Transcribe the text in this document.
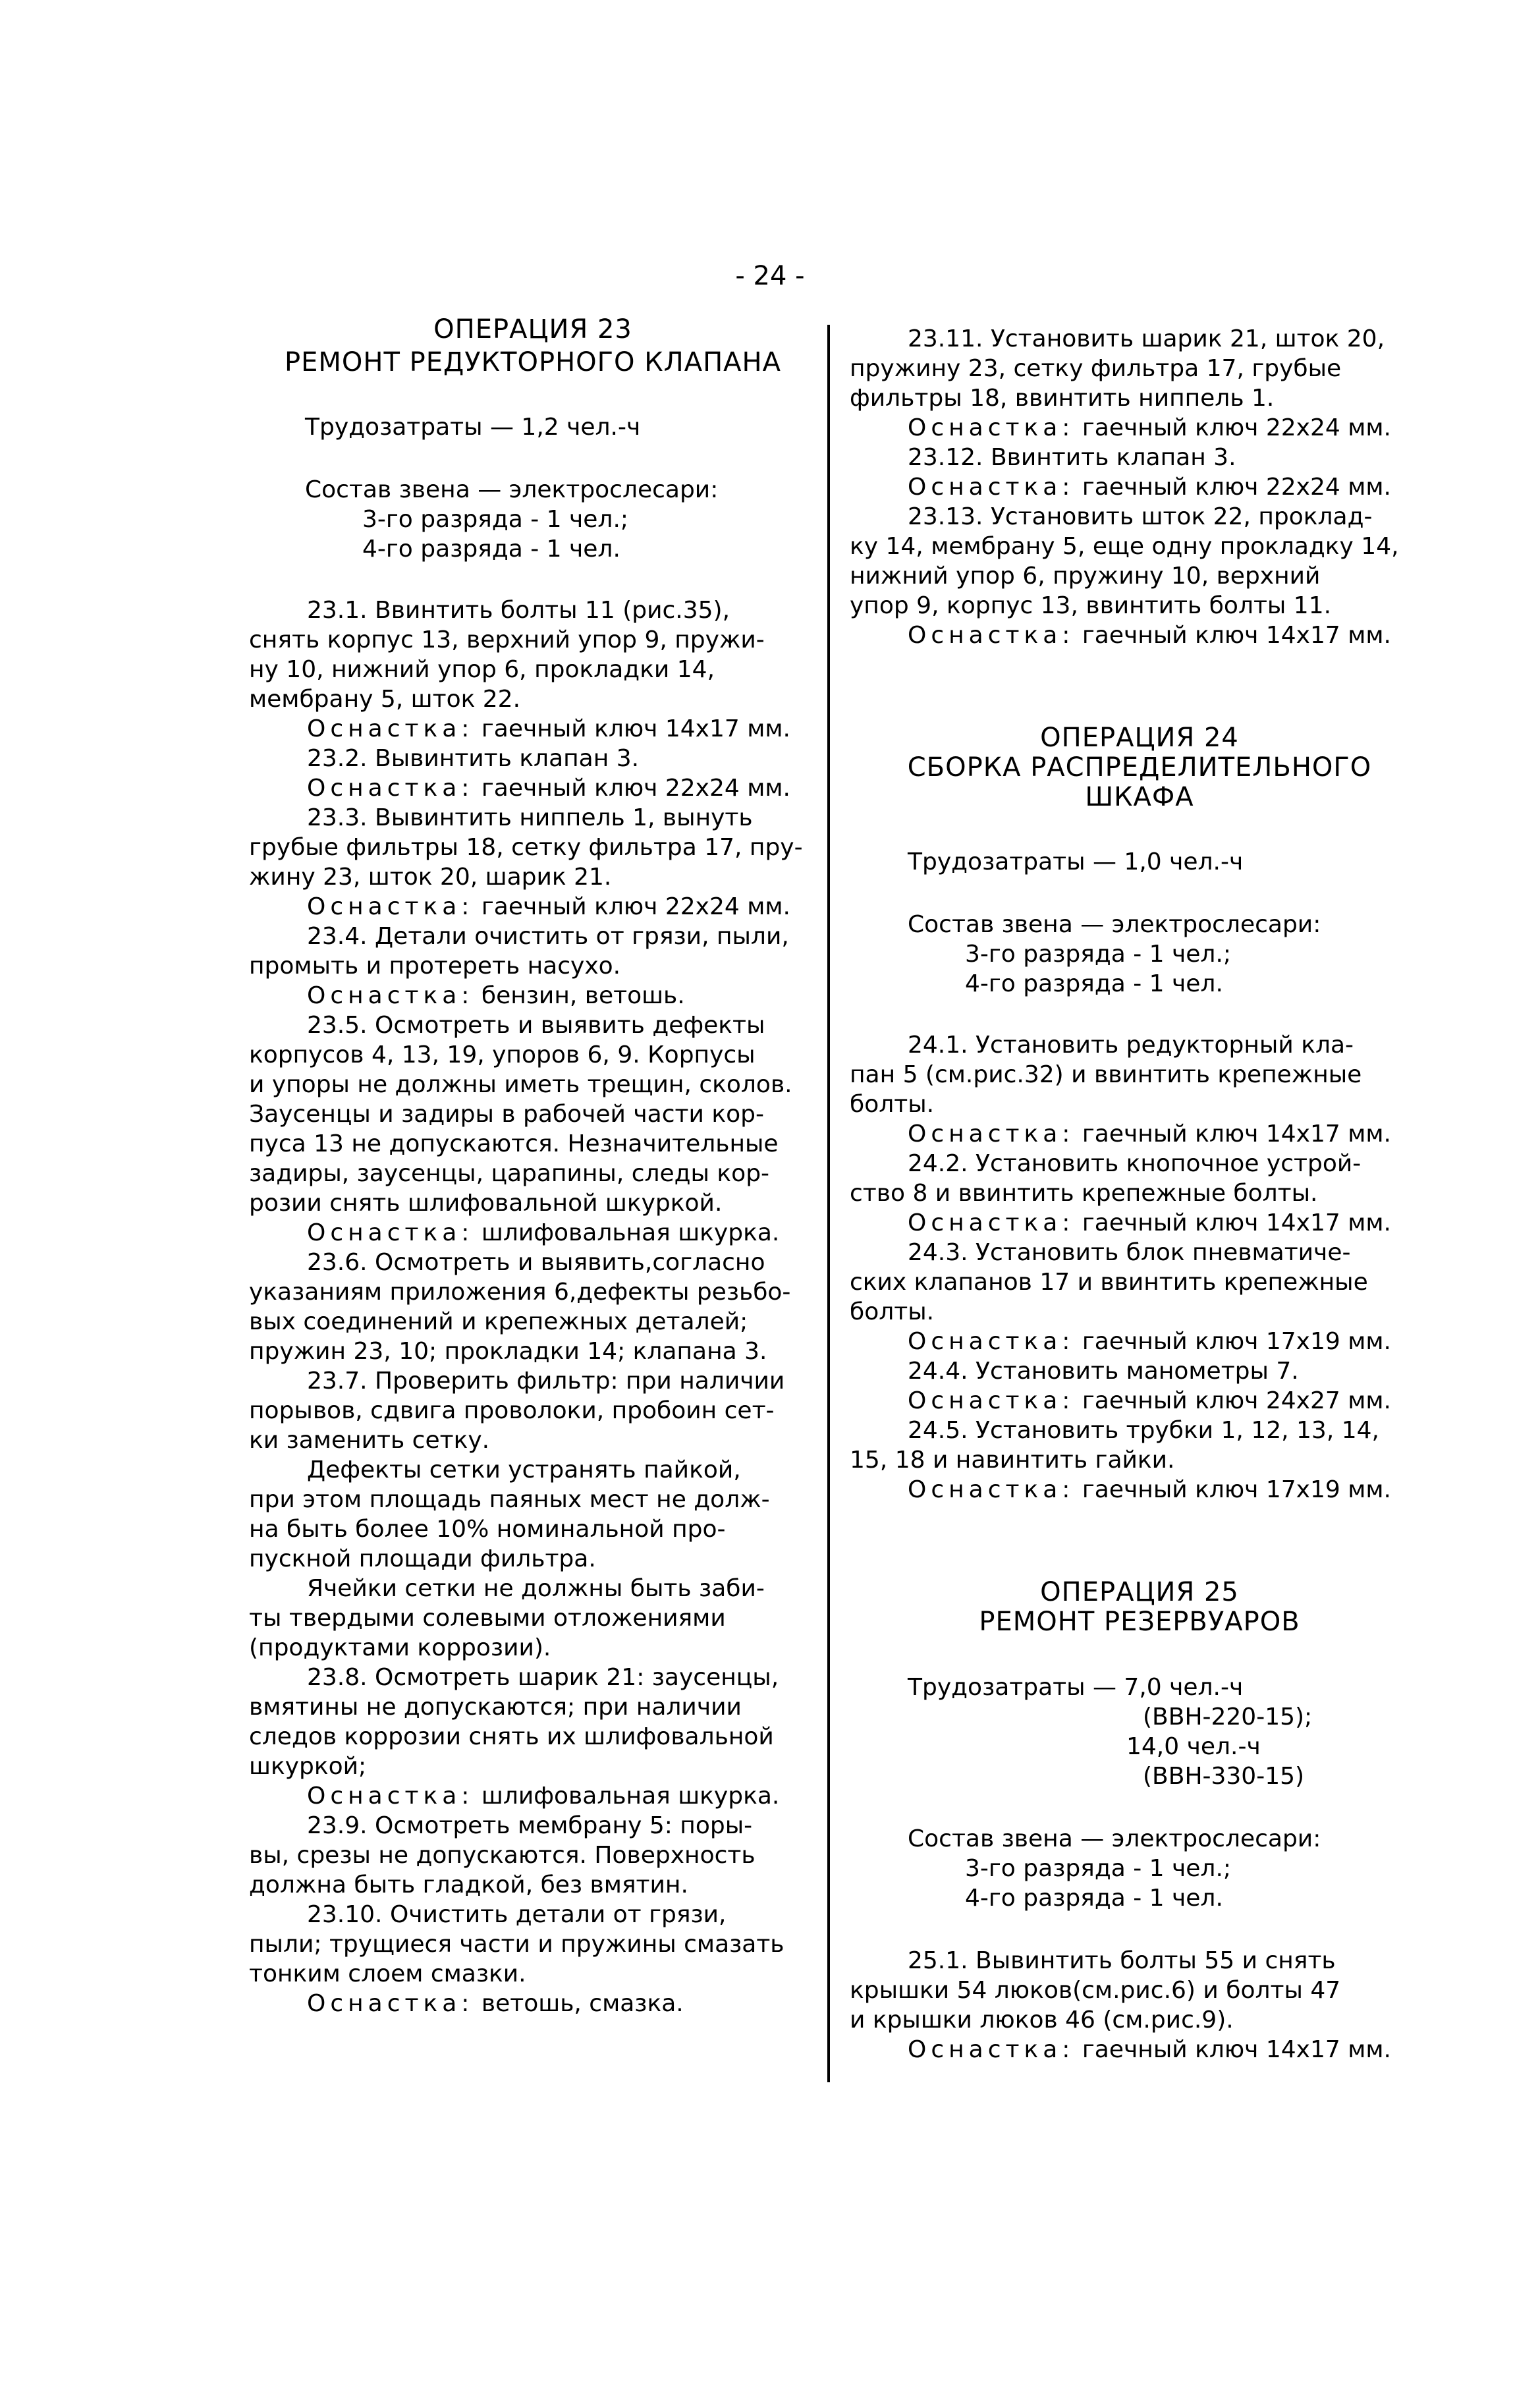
- 24 -
ОПЕРАЦИЯ 23
РЕМОНТ РЕДУКТОРНОГО КЛАПАНА
Трудозатраты — 1,2 чел.-ч
Состав звена — электрослесари:
3-го разряда - 1 чел.;
4-го разряда - 1 чел.
23.1. Ввинтить болты 11 (рис.35),
снять корпус 13, верхний упор 9, пружи-
ну 10, нижний упор 6, прокладки 14,
мембрану 5, шток 22.
Оснастка: гаечный ключ 14x17 мм.
23.2. Вывинтить клапан 3.
Оснастка: гаечный ключ 22x24 мм.
23.3. Вывинтить ниппель 1, вынуть
грубые фильтры 18, сетку фильтра 17, пру-
жину 23, шток 20, шарик 21.
Оснастка: гаечный ключ 22x24 мм.
23.4. Детали очистить от грязи, пыли,
промыть и протереть насухо.
Оснастка: бензин, ветошь.
23.5. Осмотреть и выявить дефекты
корпусов 4, 13, 19, упоров 6, 9. Корпусы
и упоры не должны иметь трещин, сколов.
Заусенцы и задиры в рабочей части кор-
пуса 13 не допускаются. Незначительные
задиры, заусенцы, царапины, следы кор-
розии снять шлифовальной шкуркой.
Оснастка: шлифовальная шкурка.
23.6. Осмотреть и выявить,согласно
указаниям приложения 6,дефекты резьбо-
вых соединений и крепежных деталей;
пружин 23, 10; прокладки 14; клапана 3.
23.7. Проверить фильтр: при наличии
порывов, сдвига проволоки, пробоин сет-
ки заменить сетку.
Дефекты сетки устранять пайкой,
при этом площадь паяных мест не долж-
на быть более 10% номинальной про-
пускной площади фильтра.
Ячейки сетки не должны быть заби-
ты твердыми солевыми отложениями
(продуктами коррозии).
23.8. Осмотреть шарик 21: заусенцы,
вмятины не допускаются; при наличии
следов коррозии снять их шлифовальной
шкуркой;
Оснастка: шлифовальная шкурка.
23.9. Осмотреть мембрану 5: поры-
вы, срезы не допускаются. Поверхность
должна быть гладкой, без вмятин.
23.10. Очистить детали от грязи,
пыли; трущиеся части и пружины смазать
тонким слоем смазки.
Оснастка: ветошь, смазка.
23.11. Установить шарик 21, шток 20,
пружину 23, сетку фильтра 17, грубые
фильтры 18, ввинтить ниппель 1.
Оснастка: гаечный ключ 22x24 мм.
23.12. Ввинтить клапан 3.
Оснастка: гаечный ключ 22x24 мм.
23.13. Установить шток 22, проклад-
ку 14, мембрану 5, еще одну прокладку 14,
нижний упор 6, пружину 10, верхний
упор 9, корпус 13, ввинтить болты 11.
Оснастка: гаечный ключ 14x17 мм.
ОПЕРАЦИЯ 24
СБОРКА РАСПРЕДЕЛИТЕЛЬНОГО
ШКАФА
Трудозатраты — 1,0 чел.-ч
Состав звена — электрослесари:
3-го разряда - 1 чел.;
4-го разряда - 1 чел.
24.1. Установить редукторный кла-
пан 5 (см.рис.32) и ввинтить крепежные
болты.
Оснастка: гаечный ключ 14x17 мм.
24.2. Установить кнопочное устрой-
ство 8 и ввинтить крепежные болты.
Оснастка: гаечный ключ 14x17 мм.
24.3. Установить блок пневматиче-
ских клапанов 17 и ввинтить крепежные
болты.
Оснастка: гаечный ключ 17x19 мм.
24.4. Установить манометры 7.
Оснастка: гаечный ключ 24x27 мм.
24.5. Установить трубки 1, 12, 13, 14,
15, 18 и навинтить гайки.
Оснастка: гаечный ключ 17x19 мм.
ОПЕРАЦИЯ 25
РЕМОНТ РЕЗЕРВУАРОВ
Трудозатраты — 7,0 чел.-ч
(ВВН-220-15);
14,0 чел.-ч
(ВВН-330-15)
Состав звена — электрослесари:
3-го разряда - 1 чел.;
4-го разряда - 1 чел.
25.1. Вывинтить болты 55 и снять
крышки 54 люков(см.рис.6) и болты 47
и крышки люков 46 (см.рис.9).
Оснастка: гаечный ключ 14x17 мм.
